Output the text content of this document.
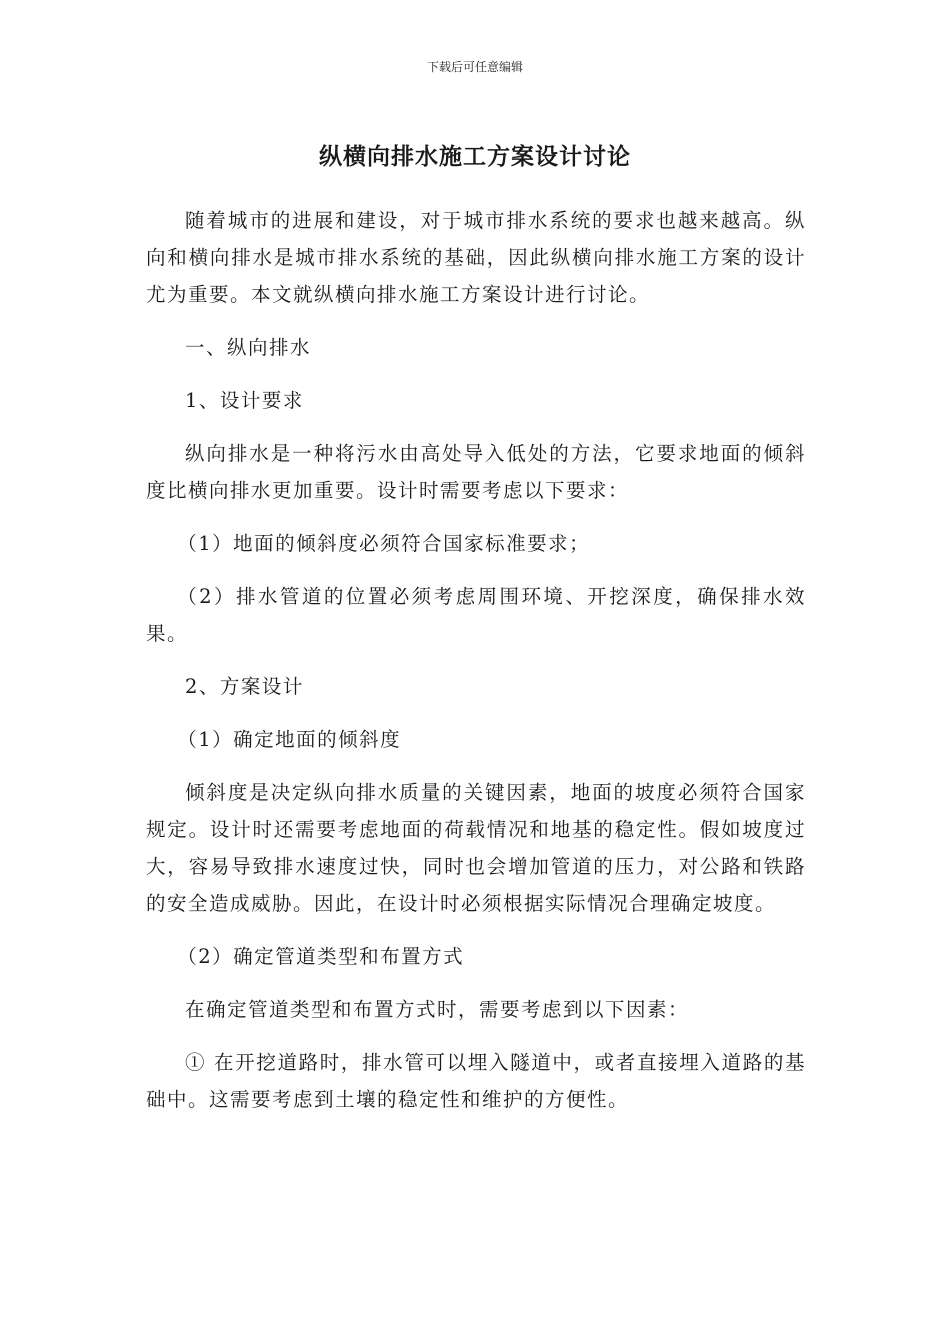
下载后可任意编辑
纵横向排水施工方案设计讨论

随着城市的进展和建设，对于城市排水系统的要求也越来越高。纵向和横向排水是城市排水系统的基础，因此纵横向排水施工方案的设计尤为重要。本文就纵横向排水施工方案设计进行讨论。

一、纵向排水

1、设计要求

纵向排水是一种将污水由高处导入低处的方法，它要求地面的倾斜度比横向排水更加重要。设计时需要考虑以下要求：

（1）地面的倾斜度必须符合国家标准要求；

（2）排水管道的位置必须考虑周围环境、开挖深度，确保排水效果。

2、方案设计

（1）确定地面的倾斜度

倾斜度是决定纵向排水质量的关键因素，地面的坡度必须符合国家规定。设计时还需要考虑地面的荷载情况和地基的稳定性。假如坡度过大，容易导致排水速度过快，同时也会增加管道的压力，对公路和铁路的安全造成威胁。因此，在设计时必须根据实际情况合理确定坡度。

（2）确定管道类型和布置方式

在确定管道类型和布置方式时，需要考虑到以下因素：

① 在开挖道路时，排水管可以埋入隧道中，或者直接埋入道路的基础中。这需要考虑到土壤的稳定性和维护的方便性。
